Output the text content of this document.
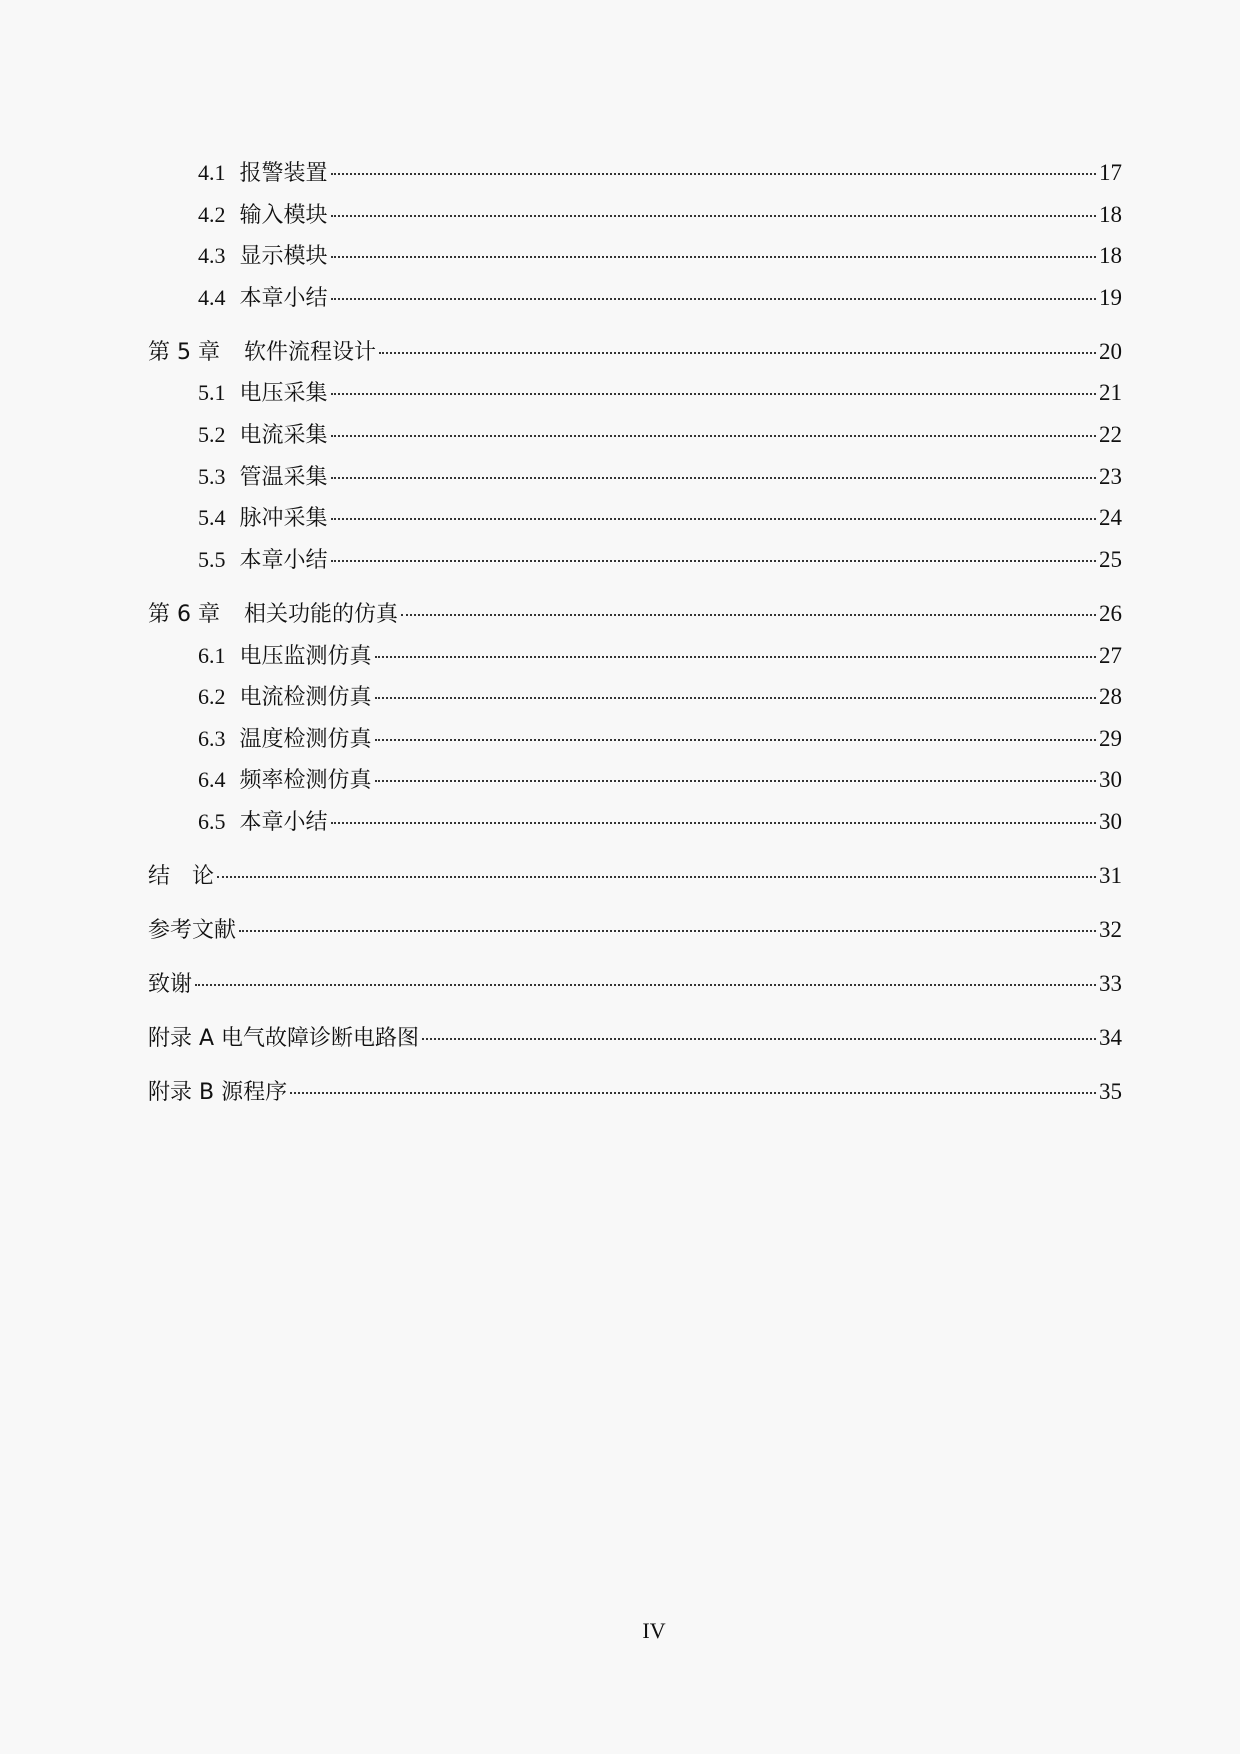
4.1 报警装置	17
4.2 输入模块	18
4.3 显示模块	18
4.4 本章小结	19
第 5 章 软件流程设计	20
5.1 电压采集	21
5.2 电流采集	22
5.3 管温采集	23
5.4 脉冲采集	24
5.5 本章小结	25
第 6 章 相关功能的仿真	26
6.1 电压监测仿真	27
6.2 电流检测仿真	28
6.3 温度检测仿真	29
6.4 频率检测仿真	30
6.5 本章小结	30
结　论	31
参考文献	32
致谢	33
附录 A 电气故障诊断电路图	34
附录 B 源程序	35
IV
